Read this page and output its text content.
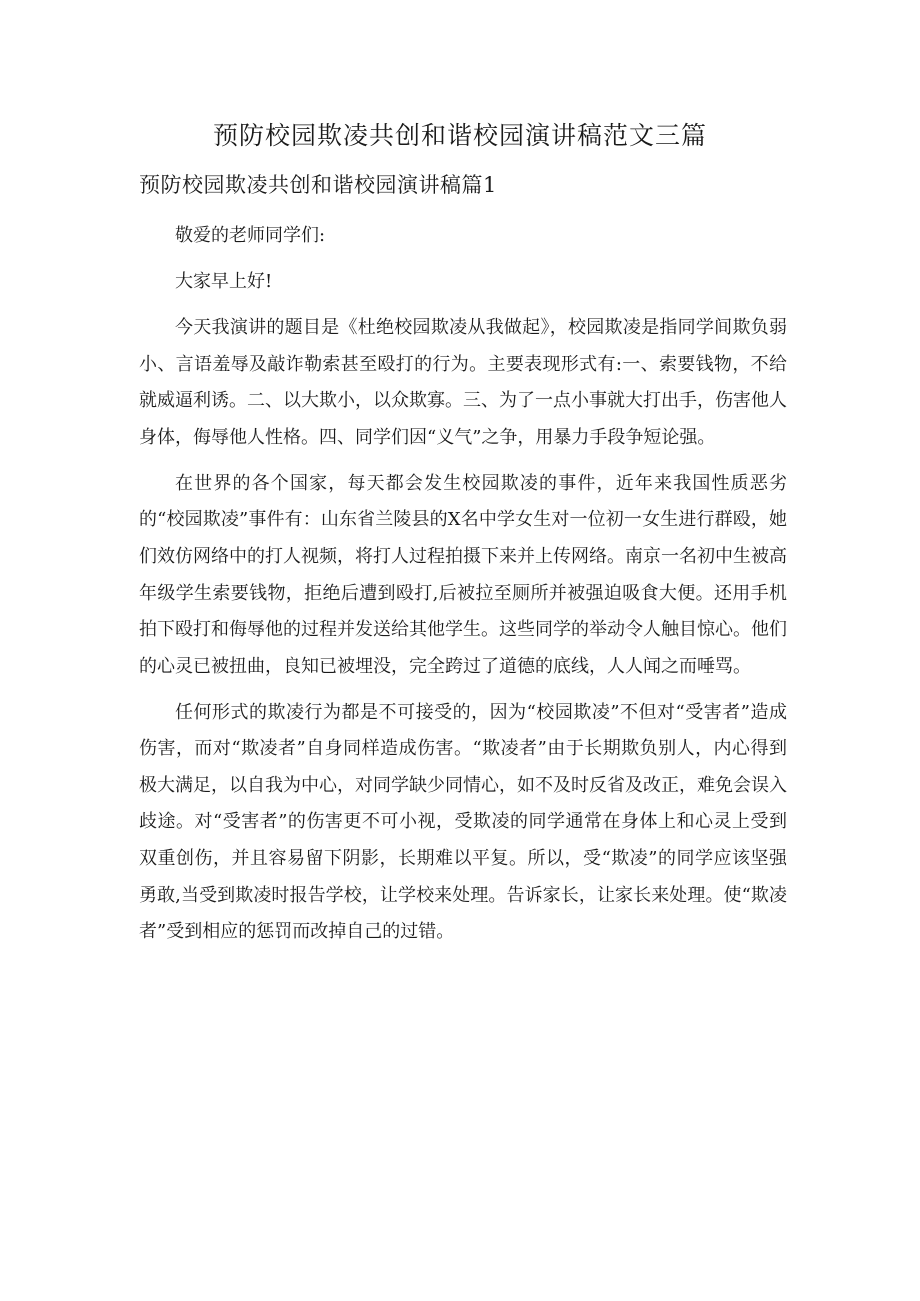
预防校园欺凌共创和谐校园演讲稿范文三篇
预防校园欺凌共创和谐校园演讲稿篇1

敬爱的老师同学们:

大家早上好!

今天我演讲的题目是《杜绝校园欺凌从我做起》，校园欺凌是指同学间欺负弱小、言语羞辱及敲诈勒索甚至殴打的行为。主要表现形式有:一、索要钱物，不给就威逼利诱。二、以大欺小，以众欺寡。三、为了一点小事就大打出手，伤害他人身体，侮辱他人性格。四、同学们因“义气”之争，用暴力手段争短论强。

在世界的各个国家，每天都会发生校园欺凌的事件，近年来我国性质恶劣的“校园欺凌”事件有：山东省兰陵县的X名中学女生对一位初一女生进行群殴，她们效仿网络中的打人视频，将打人过程拍摄下来并上传网络。南京一名初中生被高年级学生索要钱物，拒绝后遭到殴打,后被拉至厕所并被强迫吸食大便。还用手机拍下殴打和侮辱他的过程并发送给其他学生。这些同学的举动令人触目惊心。他们的心灵已被扭曲，良知已被埋没，完全跨过了道德的底线，人人闻之而唾骂。

任何形式的欺凌行为都是不可接受的，因为“校园欺凌”不但对“受害者”造成伤害，而对“欺凌者”自身同样造成伤害。“欺凌者”由于长期欺负别人，内心得到极大满足，以自我为中心，对同学缺少同情心，如不及时反省及改正，难免会误入歧途。对“受害者”的伤害更不可小视，受欺凌的同学通常在身体上和心灵上受到双重创伤，并且容易留下阴影，长期难以平复。所以，受“欺凌”的同学应该坚强勇敢,当受到欺凌时报告学校，让学校来处理。告诉家长，让家长来处理。使“欺凌者”受到相应的惩罚而改掉自己的过错。
